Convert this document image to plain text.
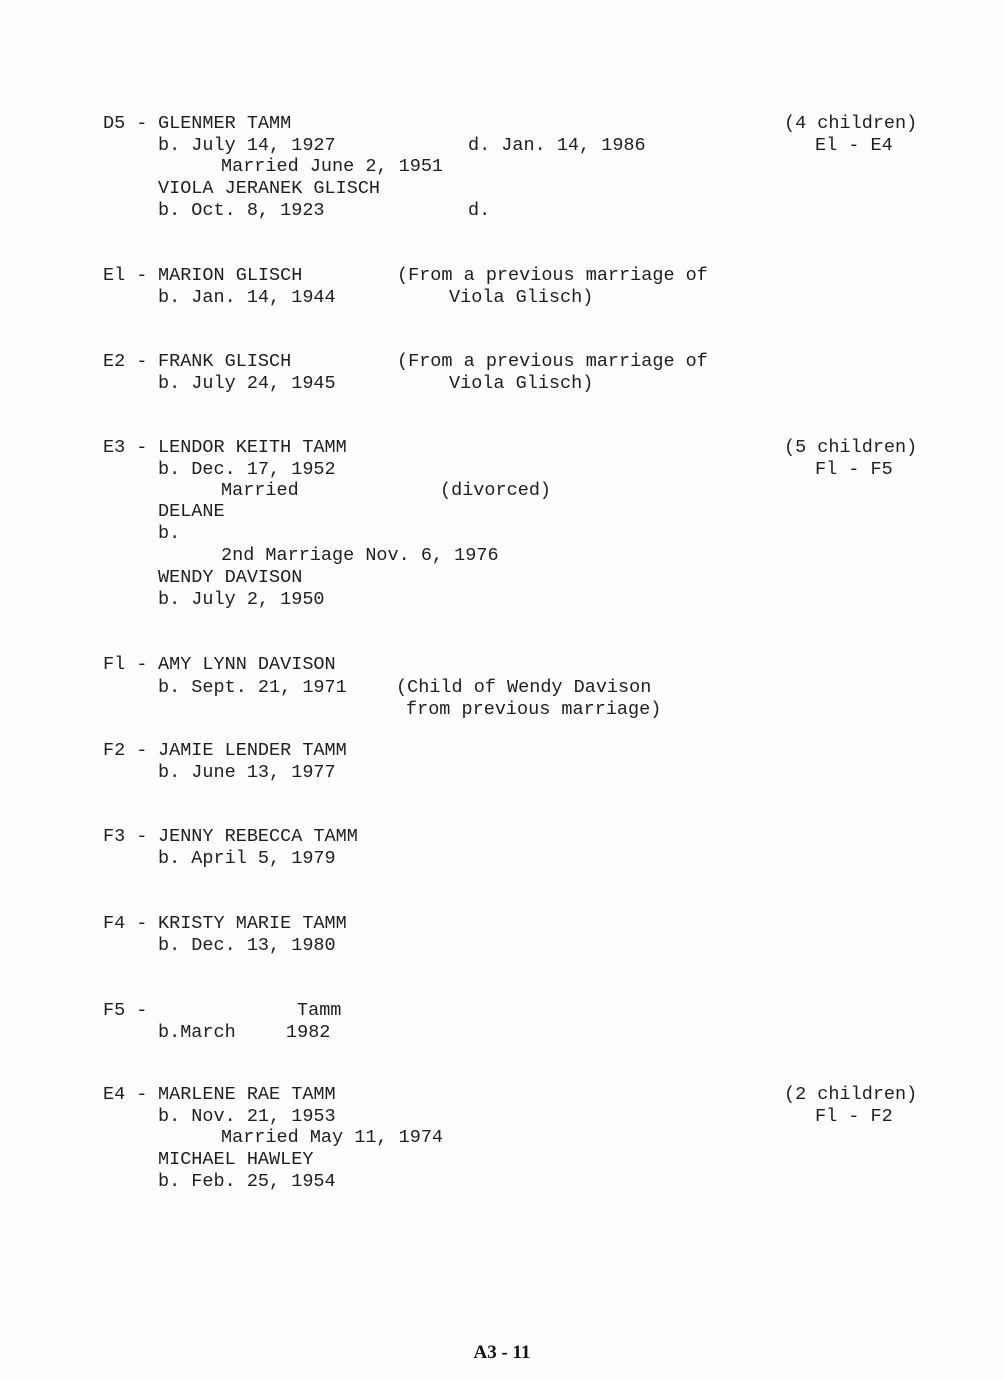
D5 - GLENMER TAMM	(4 children)
b. July 14, 1927	d. Jan. 14, 1986	El - E4
Married June 2, 1951
VIOLA JERANEK GLISCH
b. Oct. 8, 1923	d.
El - MARION GLISCH	(From a previous marriage of
b. Jan. 14, 1944	Viola Glisch)
E2 - FRANK GLISCH	(From a previous marriage of
b. July 24, 1945	Viola Glisch)
E3 - LENDOR KEITH TAMM	(5 children)
b. Dec. 17, 1952	Fl - F5
Married	(divorced)
DELANE
b.
2nd Marriage Nov. 6, 1976
WENDY DAVISON
b. July 2, 1950
Fl - AMY LYNN DAVISON
b. Sept. 21, 1971	(Child of Wendy Davison
from previous marriage)
F2 - JAMIE LENDER TAMM
b. June 13, 1977
F3 - JENNY REBECCA TAMM
b. April 5, 1979
F4 - KRISTY MARIE TAMM
b. Dec. 13, 1980
F5 -	Tamm
b.March	1982
E4 - MARLENE RAE TAMM	(2 children)
b. Nov. 21, 1953	Fl - F2
Married May 11, 1974
MICHAEL HAWLEY
b. Feb. 25, 1954
A3 - 11
